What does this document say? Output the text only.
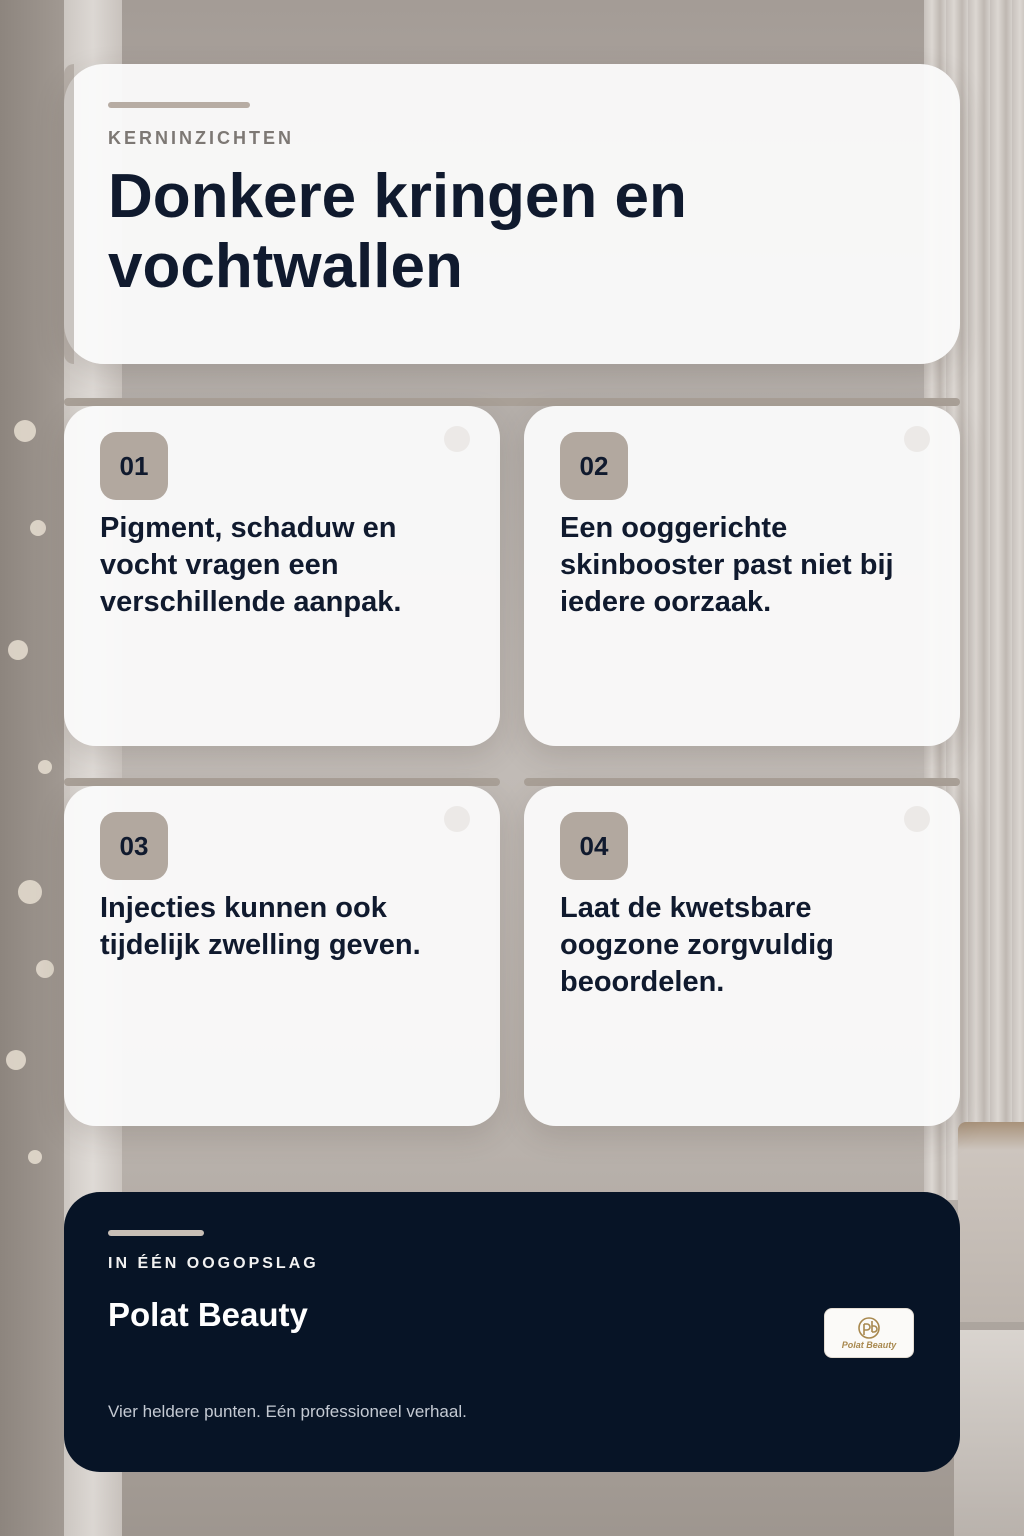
KERNINZICHTEN
Donkere kringen en vochtwallen
01
Pigment, schaduw en vocht vragen een verschillende aanpak.
02
Een ooggerichte skinbooster past niet bij iedere oorzaak.
03
Injecties kunnen ook tijdelijk zwelling geven.
04
Laat de kwetsbare oogzone zorgvuldig beoordelen.
IN ÉÉN OOGOPSLAG
Polat Beauty
Polat Beauty
Vier heldere punten. Eén professioneel verhaal.
